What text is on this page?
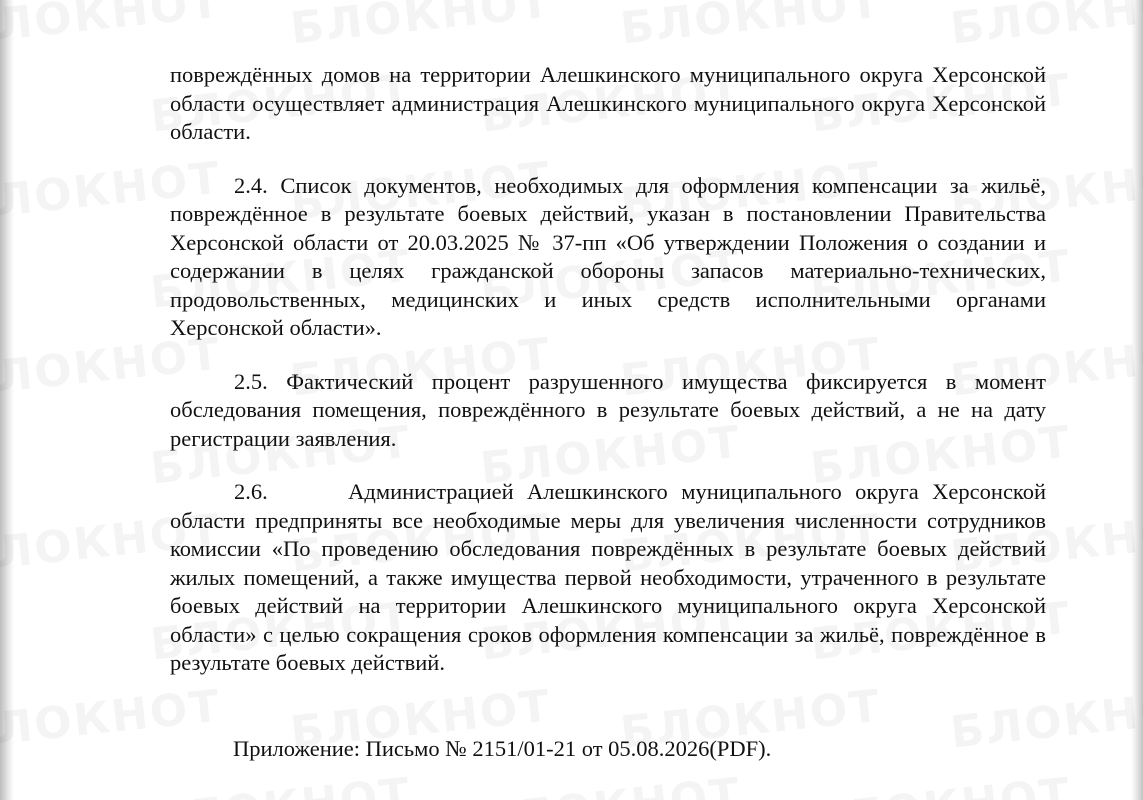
повреждённых домов на территории Алешкинского муниципального округа Херсонской области осуществляет администрация Алешкинского муниципального округа Херсонской области.

2.4. Список документов, необходимых для оформления компенсации за жильё, повреждённое в результате боевых действий, указан в постановлении Правительства Херсонской области от 20.03.2025 № 37-пп «Об утверждении Положения о создании и содержании в целях гражданской обороны запасов материально-технических, продовольственных, медицинских и иных средств исполнительными органами Херсонской области».

2.5. Фактический процент разрушенного имущества фиксируется в момент обследования помещения, повреждённого в результате боевых действий, а не на дату регистрации заявления.

2.6.	Администрацией Алешкинского муниципального округа Херсонской области предприняты все необходимые меры для увеличения численности сотрудников комиссии «По проведению обследования повреждённых в результате боевых действий жилых помещений, а также имущества первой необходимости, утраченного в результате боевых действий на территории Алешкинского муниципального округа Херсонской области» с целью сокращения сроков оформления компенсации за жильё, повреждённое в результате боевых действий.

Приложение: Письмо № 2151/01-21 от 05.08.2026(PDF).
